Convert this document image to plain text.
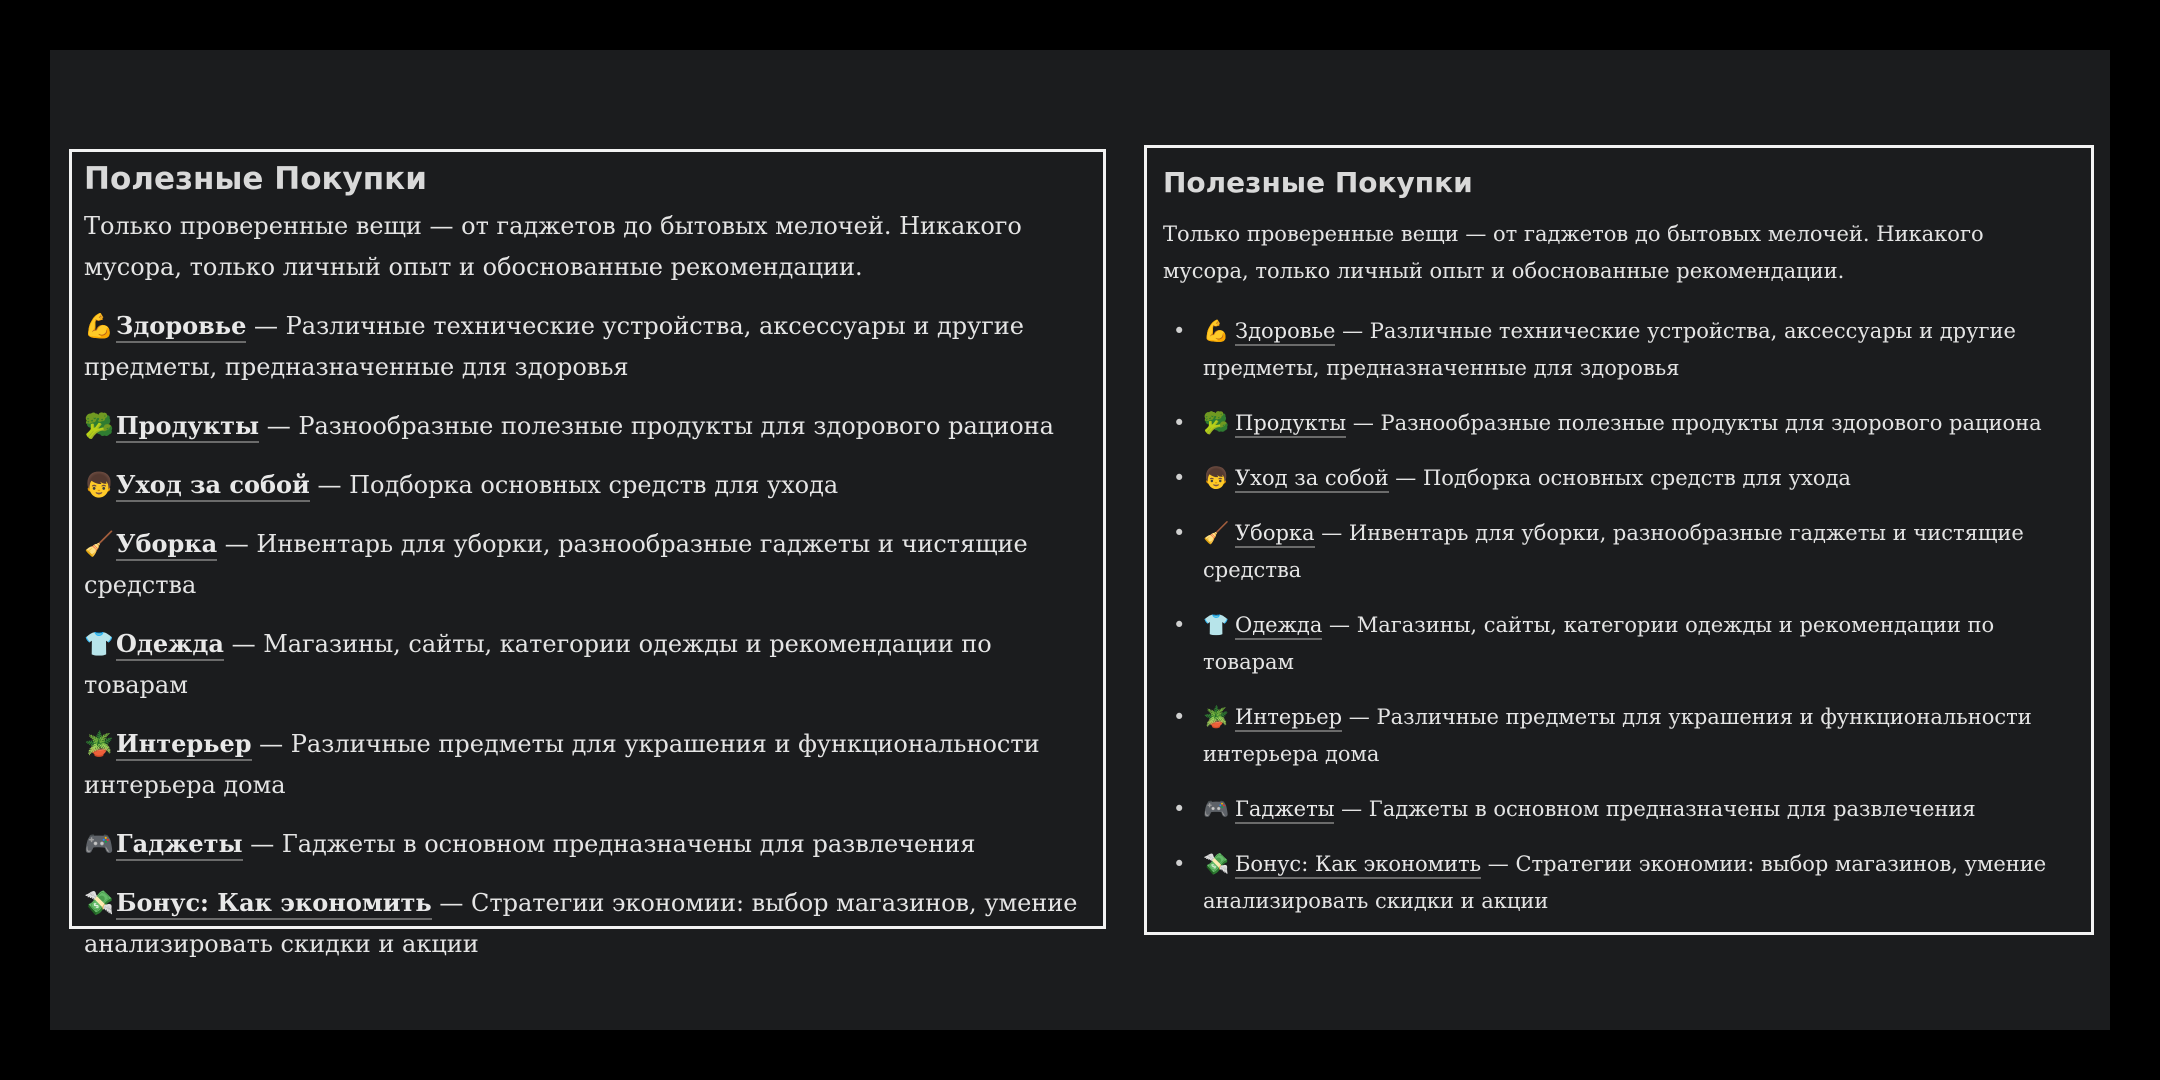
Полезные Покупки

Только проверенные вещи — от гаджетов до бытовых мелочей. Никакого мусора, только личный опыт и обоснованные рекомендации.

💪Здоровье — Различные технические устройства, аксессуары и другие предметы, предназначенные для здоровья

🥦Продукты — Разнообразные полезные продукты для здорового рациона

👦Уход за собой — Подборка основных средств для ухода

🧹Уборка — Инвентарь для уборки, разнообразные гаджеты и чистящие средства

👕Одежда — Магазины, сайты, категории одежды и рекомендации по товарам

🪴Интерьер — Различные предметы для украшения и функциональности интерьера дома

🎮Гаджеты — Гаджеты в основном предназначены для развлечения

💸Бонус: Как экономить — Стратегии экономии: выбор магазинов, умение анализировать скидки и акции

Полезные Покупки

Только проверенные вещи — от гаджетов до бытовых мелочей. Никакого мусора, только личный опыт и обоснованные рекомендации.

• 💪 Здоровье — Различные технические устройства, аксессуары и другие предметы, предназначенные для здоровья
• 🥦 Продукты — Разнообразные полезные продукты для здорового рациона
• 👦 Уход за собой — Подборка основных средств для ухода
• 🧹 Уборка — Инвентарь для уборки, разнообразные гаджеты и чистящие средства
• 👕 Одежда — Магазины, сайты, категории одежды и рекомендации по товарам
• 🪴 Интерьер — Различные предметы для украшения и функциональности интерьера дома
• 🎮 Гаджеты — Гаджеты в основном предназначены для развлечения
• 💸 Бонус: Как экономить — Стратегии экономии: выбор магазинов, умение анализировать скидки и акции
